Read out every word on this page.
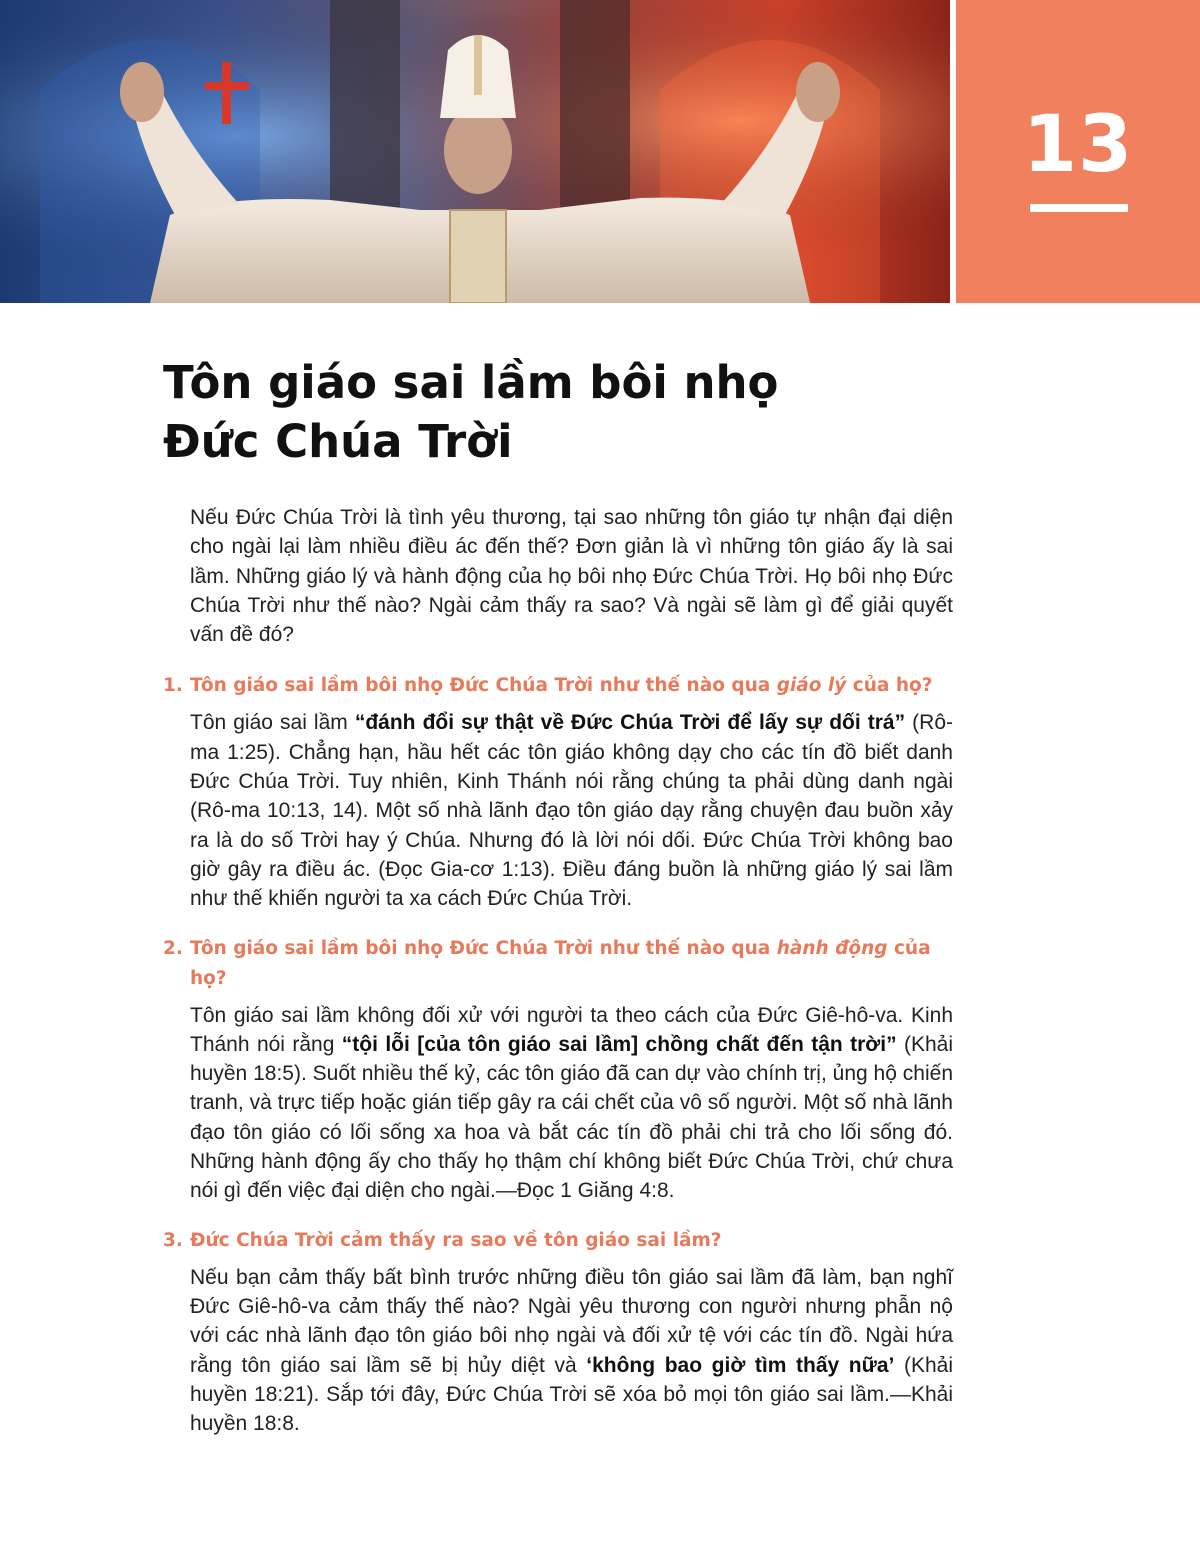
13
Tôn giáo sai lầm bôi nhọ
Đức Chúa Trời

Nếu Đức Chúa Trời là tình yêu thương, tại sao những tôn giáo tự nhận đại diện cho ngài lại làm nhiều điều ác đến thế? Đơn giản là vì những tôn giáo ấy là sai lầm. Những giáo lý và hành động của họ bôi nhọ Đức Chúa Trời. Họ bôi nhọ Đức Chúa Trời như thế nào? Ngài cảm thấy ra sao? Và ngài sẽ làm gì để giải quyết vấn đề đó?

1. Tôn giáo sai lầm bôi nhọ Đức Chúa Trời như thế nào qua giáo lý của họ?

Tôn giáo sai lầm “đánh đổi sự thật về Đức Chúa Trời để lấy sự dối trá” (Rô-ma 1:25). Chẳng hạn, hầu hết các tôn giáo không dạy cho các tín đồ biết danh Đức Chúa Trời. Tuy nhiên, Kinh Thánh nói rằng chúng ta phải dùng danh ngài (Rô-ma 10:13, 14). Một số nhà lãnh đạo tôn giáo dạy rằng chuyện đau buồn xảy ra là do số Trời hay ý Chúa. Nhưng đó là lời nói dối. Đức Chúa Trời không bao giờ gây ra điều ác. (Đọc Gia-cơ 1:13). Điều đáng buồn là những giáo lý sai lầm như thế khiến người ta xa cách Đức Chúa Trời.

2. Tôn giáo sai lầm bôi nhọ Đức Chúa Trời như thế nào qua hành động của họ?

Tôn giáo sai lầm không đối xử với người ta theo cách của Đức Giê-hô-va. Kinh Thánh nói rằng “tội lỗi [của tôn giáo sai lầm] chồng chất đến tận trời” (Khải huyền 18:5). Suốt nhiều thế kỷ, các tôn giáo đã can dự vào chính trị, ủng hộ chiến tranh, và trực tiếp hoặc gián tiếp gây ra cái chết của vô số người. Một số nhà lãnh đạo tôn giáo có lối sống xa hoa và bắt các tín đồ phải chi trả cho lối sống đó. Những hành động ấy cho thấy họ thậm chí không biết Đức Chúa Trời, chứ chưa nói gì đến việc đại diện cho ngài.—Đọc 1 Giăng 4:8.

3. Đức Chúa Trời cảm thấy ra sao về tôn giáo sai lầm?

Nếu bạn cảm thấy bất bình trước những điều tôn giáo sai lầm đã làm, bạn nghĩ Đức Giê-hô-va cảm thấy thế nào? Ngài yêu thương con người nhưng phẫn nộ với các nhà lãnh đạo tôn giáo bôi nhọ ngài và đối xử tệ với các tín đồ. Ngài hứa rằng tôn giáo sai lầm sẽ bị hủy diệt và ‘không bao giờ tìm thấy nữa’ (Khải huyền 18:21). Sắp tới đây, Đức Chúa Trời sẽ xóa bỏ mọi tôn giáo sai lầm.—Khải huyền 18:8.
